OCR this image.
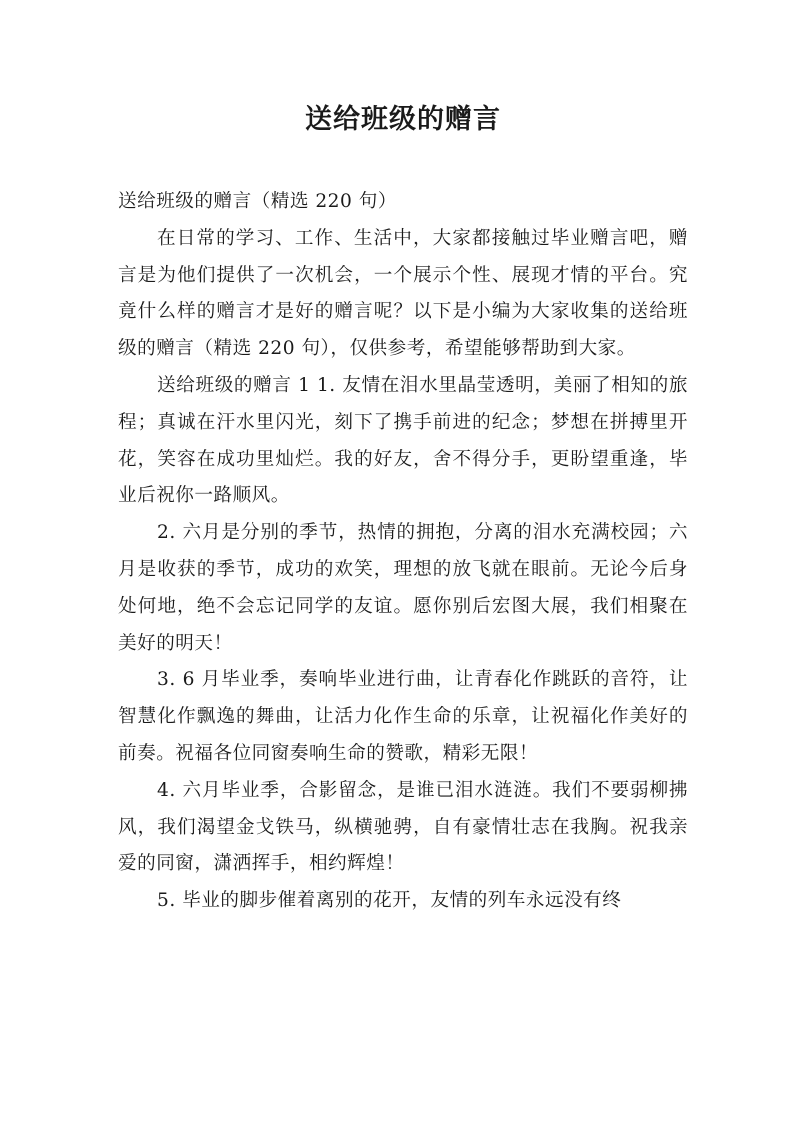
送给班级的赠言

送给班级的赠言（精选 220 句）

在日常的学习、工作、生活中，大家都接触过毕业赠言吧，赠言是为他们提供了一次机会，一个展示个性、展现才情的平台。究竟什么样的赠言才是好的赠言呢？以下是小编为大家收集的送给班级的赠言（精选 220 句），仅供参考，希望能够帮助到大家。

送给班级的赠言 1 1. 友情在泪水里晶莹透明，美丽了相知的旅程；真诚在汗水里闪光，刻下了携手前进的纪念；梦想在拼搏里开花，笑容在成功里灿烂。我的好友，舍不得分手，更盼望重逢，毕业后祝你一路顺风。

2. 六月是分别的季节，热情的拥抱，分离的泪水充满校园；六月是收获的季节，成功的欢笑，理想的放飞就在眼前。无论今后身处何地，绝不会忘记同学的友谊。愿你别后宏图大展，我们相聚在美好的明天！

3. 6 月毕业季，奏响毕业进行曲，让青春化作跳跃的音符，让智慧化作飘逸的舞曲，让活力化作生命的乐章，让祝福化作美好的前奏。祝福各位同窗奏响生命的赞歌，精彩无限！

4. 六月毕业季，合影留念，是谁已泪水涟涟。我们不要弱柳拂风，我们渴望金戈铁马，纵横驰骋，自有豪情壮志在我胸。祝我亲爱的同窗，潇洒挥手，相约辉煌！

5. 毕业的脚步催着离别的花开，友情的列车永远没有终
